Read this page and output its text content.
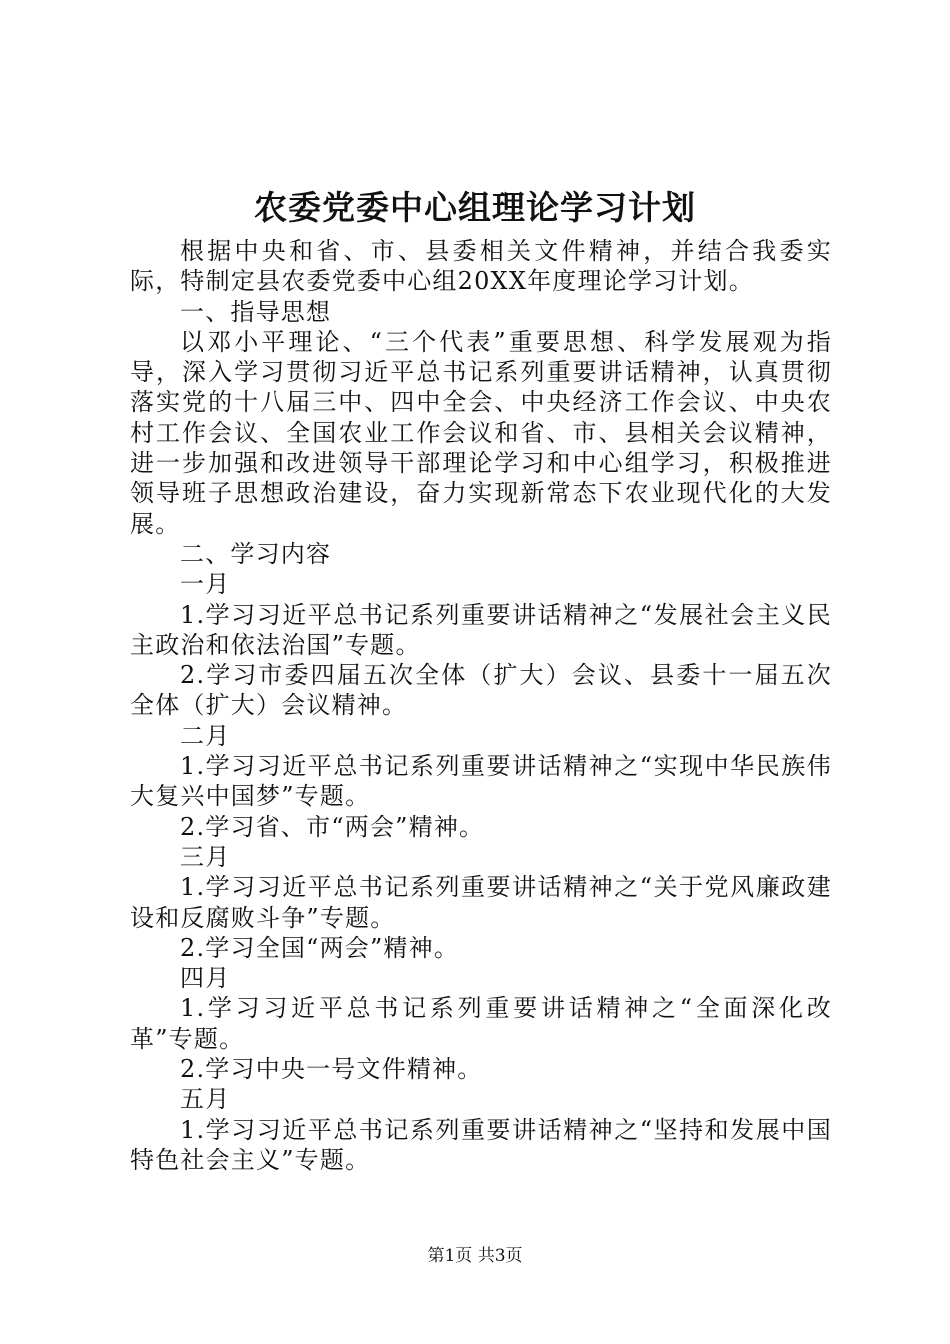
农委党委中心组理论学习计划

根据中央和省、市、县委相关文件精神，并结合我委实际，特制定县农委党委中心组20XX年度理论学习计划。

一、指导思想

以邓小平理论、“三个代表”重要思想、科学发展观为指导，深入学习贯彻习近平总书记系列重要讲话精神，认真贯彻落实党的十八届三中、四中全会、中央经济工作会议、中央农村工作会议、全国农业工作会议和省、市、县相关会议精神，进一步加强和改进领导干部理论学习和中心组学习，积极推进领导班子思想政治建设，奋力实现新常态下农业现代化的大发展。

二、学习内容

一月

1.学习习近平总书记系列重要讲话精神之“发展社会主义民主政治和依法治国”专题。

2.学习市委四届五次全体（扩大）会议、县委十一届五次全体（扩大）会议精神。

二月

1.学习习近平总书记系列重要讲话精神之“实现中华民族伟大复兴中国梦”专题。

2.学习省、市“两会”精神。

三月

1.学习习近平总书记系列重要讲话精神之“关于党风廉政建设和反腐败斗争”专题。

2.学习全国“两会”精神。

四月

1.学习习近平总书记系列重要讲话精神之“全面深化改革”专题。

2.学习中央一号文件精神。

五月

1.学习习近平总书记系列重要讲话精神之“坚持和发展中国特色社会主义”专题。

第1页 共3页
